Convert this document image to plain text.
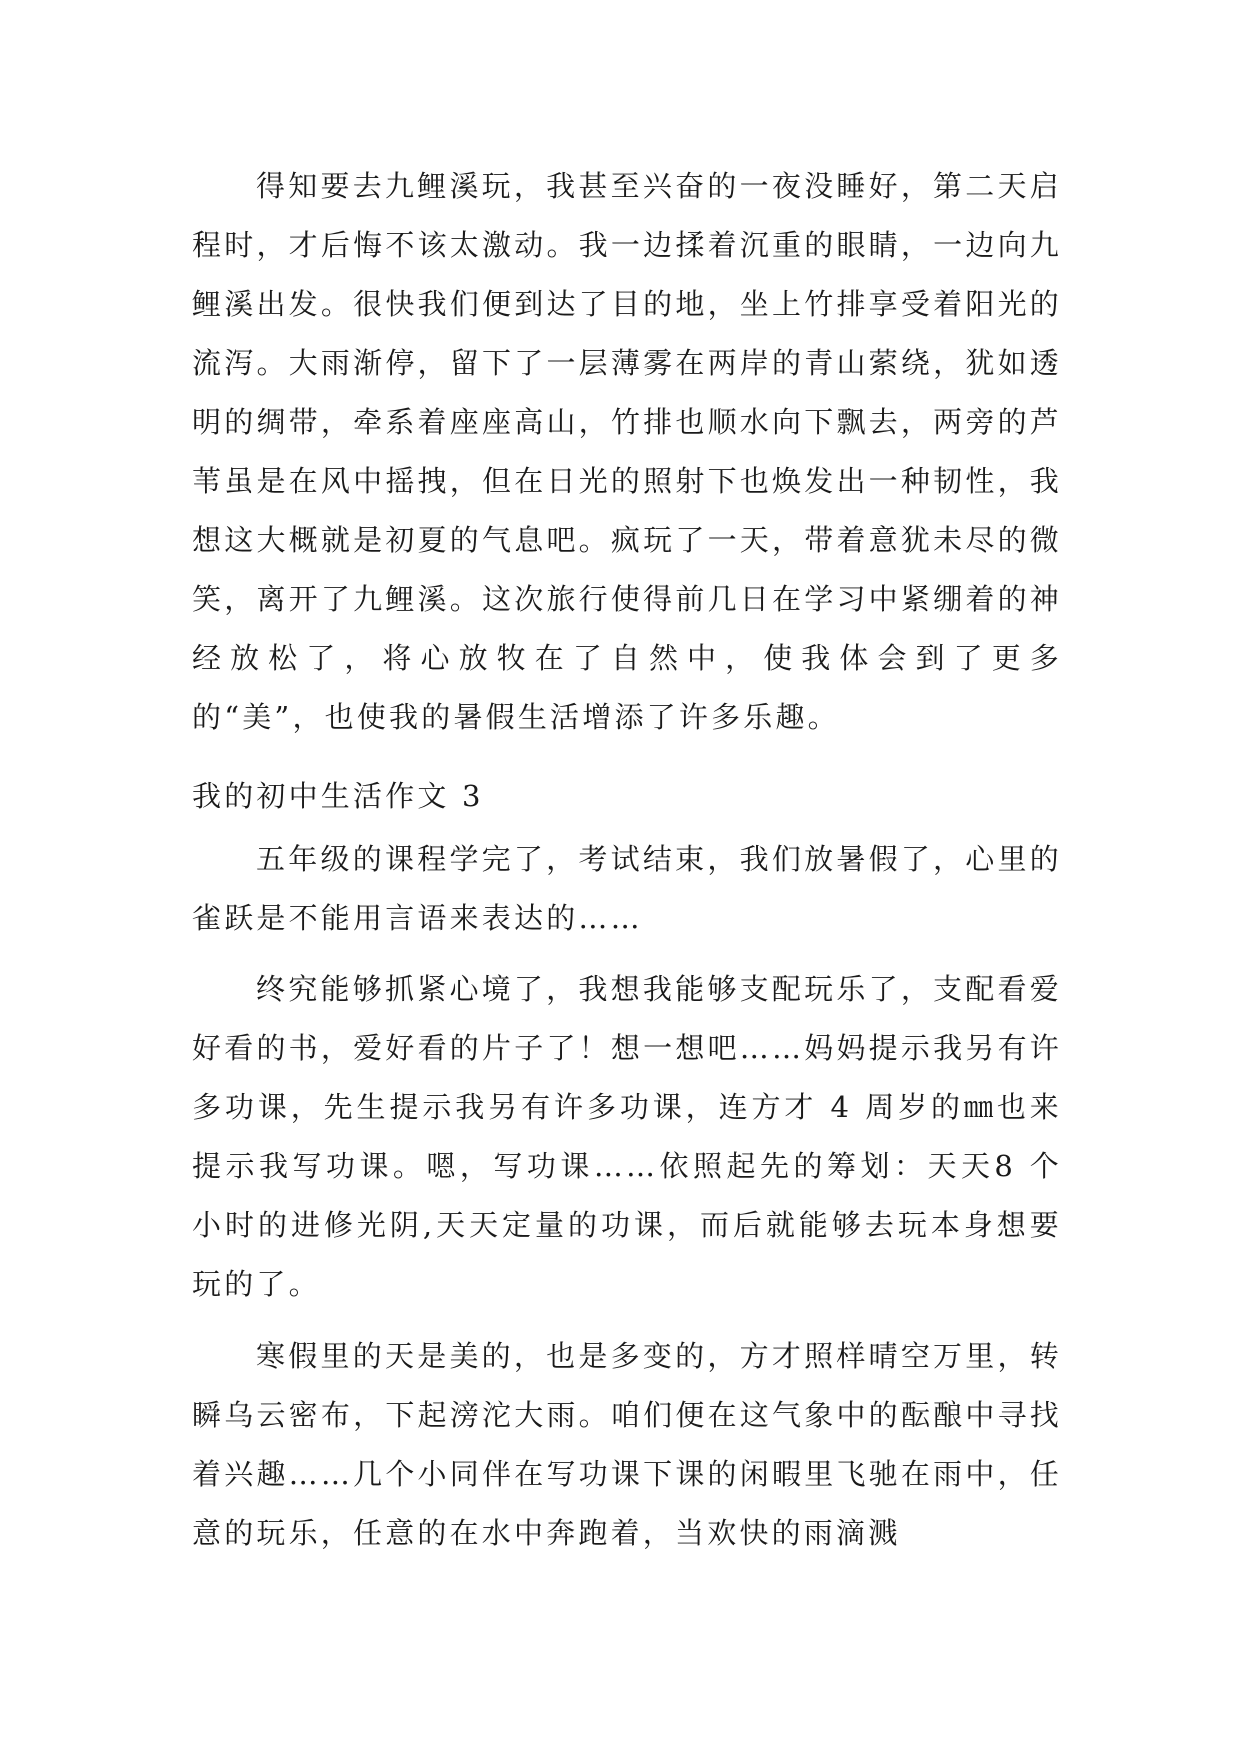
得知要去九鲤溪玩，我甚至兴奋的一夜没睡好，第二天启程时，才后悔不该太激动。我一边揉着沉重的眼睛，一边向九鲤溪出发。很快我们便到达了目的地，坐上竹排享受着阳光的流泻。大雨渐停，留下了一层薄雾在两岸的青山萦绕，犹如透明的绸带，牵系着座座高山，竹排也顺水向下飘去，两旁的芦苇虽是在风中摇拽，但在日光的照射下也焕发出一种韧性，我想这大概就是初夏的气息吧。疯玩了一天，带着意犹未尽的微笑，离开了九鲤溪。这次旅行使得前几日在学习中紧绷着的神经放松了，将心放牧在了自然中，使我体会到了更多的“美”，也使我的暑假生活增添了许多乐趣。

我的初中生活作文 3

五年级的课程学完了，考试结束，我们放暑假了，心里的雀跃是不能用言语来表达的……

终究能够抓紧心境了，我想我能够支配玩乐了，支配看爱好看的书，爱好看的片子了！想一想吧……妈妈提示我另有许多功课，先生提示我另有许多功课，连方才 4 周岁的㎜也来提示我写功课。嗯，写功课……依照起先的筹划：天天8 个小时的进修光阴,天天定量的功课，而后就能够去玩本身想要玩的了。

寒假里的天是美的，也是多变的，方才照样晴空万里，转瞬乌云密布，下起滂沱大雨。咱们便在这气象中的酝酿中寻找着兴趣……几个小同伴在写功课下课的闲暇里飞驰在雨中，任意的玩乐，任意的在水中奔跑着，当欢快的雨滴溅
